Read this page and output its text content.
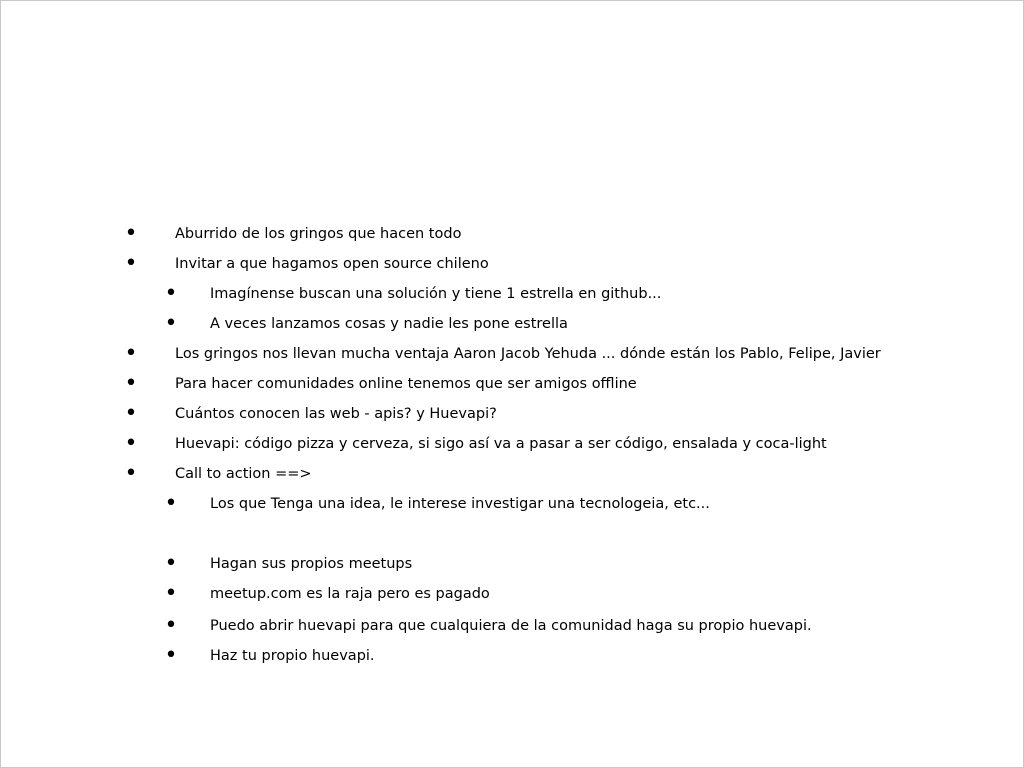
•	Aburrido de los gringos que hacen todo
•	Invitar a que hagamos open source chileno
• Imagínense buscan una solución y tiene 1 estrella en github...
• A veces lanzamos cosas y nadie les pone estrella
•	Los gringos nos llevan mucha ventaja Aaron Jacob Yehuda ... dónde están los Pablo, Felipe, Javier
•	Para hacer comunidades online tenemos que ser amigos offline
•	Cuántos conocen las web - apis? y Huevapi?
•	Huevapi: código pizza y cerveza, si sigo así va a pasar a ser código, ensalada y coca-light
•	Call to action ==>
• Los que Tenga una idea, le interese investigar una tecnologeia, etc...
• Hagan sus propios meetups
• meetup.com es la raja pero es pagado
• Puedo abrir huevapi para que cualquiera de la comunidad haga su propio huevapi.
• Haz tu propio huevapi.
